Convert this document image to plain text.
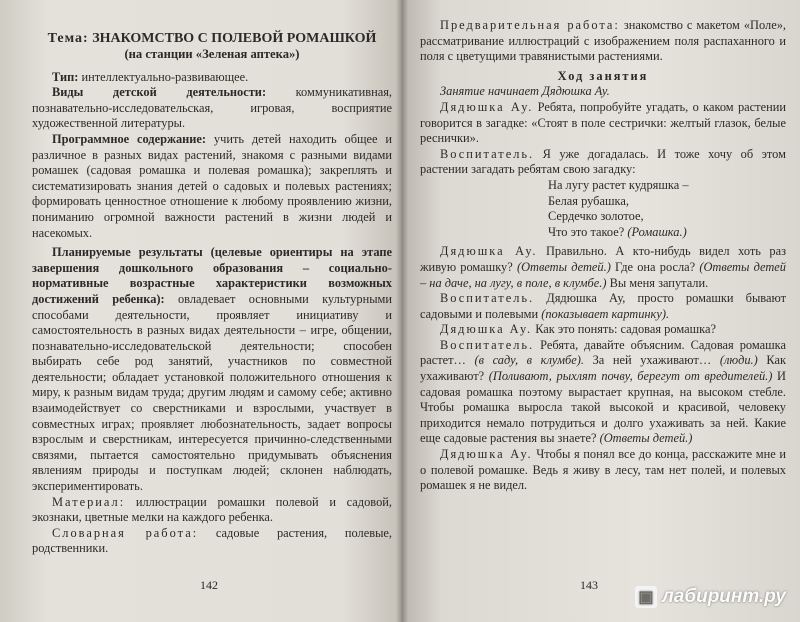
Тема: ЗНАКОМСТВО С ПОЛЕВОЙ РОМАШКОЙ

(на станции «Зеленая аптека»)

Тип: интеллектуально-развивающее.

Виды детской деятельности: коммуникативная, познавательно-исследовательская, игровая, восприятие художественной литературы.

Программное содержание: учить детей находить общее и различное в разных видах растений, знакомя с разными видами ромашек (садовая ромашка и полевая ромашка); закреплять и систематизировать знания детей о садовых и полевых растениях; формировать ценностное отношение к любому проявлению жизни, пониманию огромной важности растений в жизни людей и насекомых.

Планируемые результаты (целевые ориентиры на этапе завершения дошкольного образования – социально-нормативные возрастные характеристики возможных достижений ребенка): овладевает основными культурными способами деятельности, проявляет инициативу и самостоятельность в разных видах деятельности – игре, общении, познавательно-исследовательской деятельности; способен выбирать себе род занятий, участников по совместной деятельности; обладает установкой положительного отношения к миру, к разным видам труда; другим людям и самому себе; активно взаимодействует со сверстниками и взрослыми, участвует в совместных играх; проявляет любознательность, задает вопросы взрослым и сверстникам, интересуется причинно-следственными связями, пытается самостоятельно придумывать объяснения явлениям природы и поступкам людей; склонен наблюдать, экспериментировать.

Материал: иллюстрации ромашки полевой и садовой, экознаки, цветные мелки на каждого ребенка.

Словарная работа: садовые растения, полевые, родственники.

142

Предварительная работа: знакомство с макетом «Поле», рассматривание иллюстраций с изображением поля распаханного и поля с цветущими травянистыми растениями.

Ход занятия

Занятие начинает Дядюшка Ау.

Дядюшка Ау. Ребята, попробуйте угадать, о каком растении говорится в загадке: «Стоят в поле сестрички: желтый глазок, белые реснички».

Воспитатель. Я уже догадалась. И тоже хочу об этом растении загадать ребятам свою загадку:

На лугу растет кудряшка –

Белая рубашка,

Сердечко золотое,

Что это такое? (Ромашка.)

Дядюшка Ау. Правильно. А кто-нибудь видел хоть раз живую ромашку? (Ответы детей.) Где она росла? (Ответы детей – на даче, на лугу, в поле, в клумбе.) Вы меня запутали.

Воспитатель. Дядюшка Ау, просто ромашки бывают садовыми и полевыми (показывает картинку).

Дядюшка Ау. Как это понять: садовая ромашка?

Воспитатель. Ребята, давайте объясним. Садовая ромашка растет… (в саду, в клумбе). За ней ухаживают… (люди.) Как ухаживают? (Поливают, рыхлят почву, берегут от вредителей.) И садовая ромашка поэтому вырастает крупная, на высоком стебле. Чтобы ромашка выросла такой высокой и красивой, человеку приходится немало потрудиться и долго ухаживать за ней. Какие еще садовые растения вы знаете? (Ответы детей.)

Дядюшка Ау. Чтобы я понял все до конца, расскажите мне и о полевой ромашке. Ведь я живу в лесу, там нет полей, и полевых ромашек я не видел.

143
▣ лабиринт.ру
